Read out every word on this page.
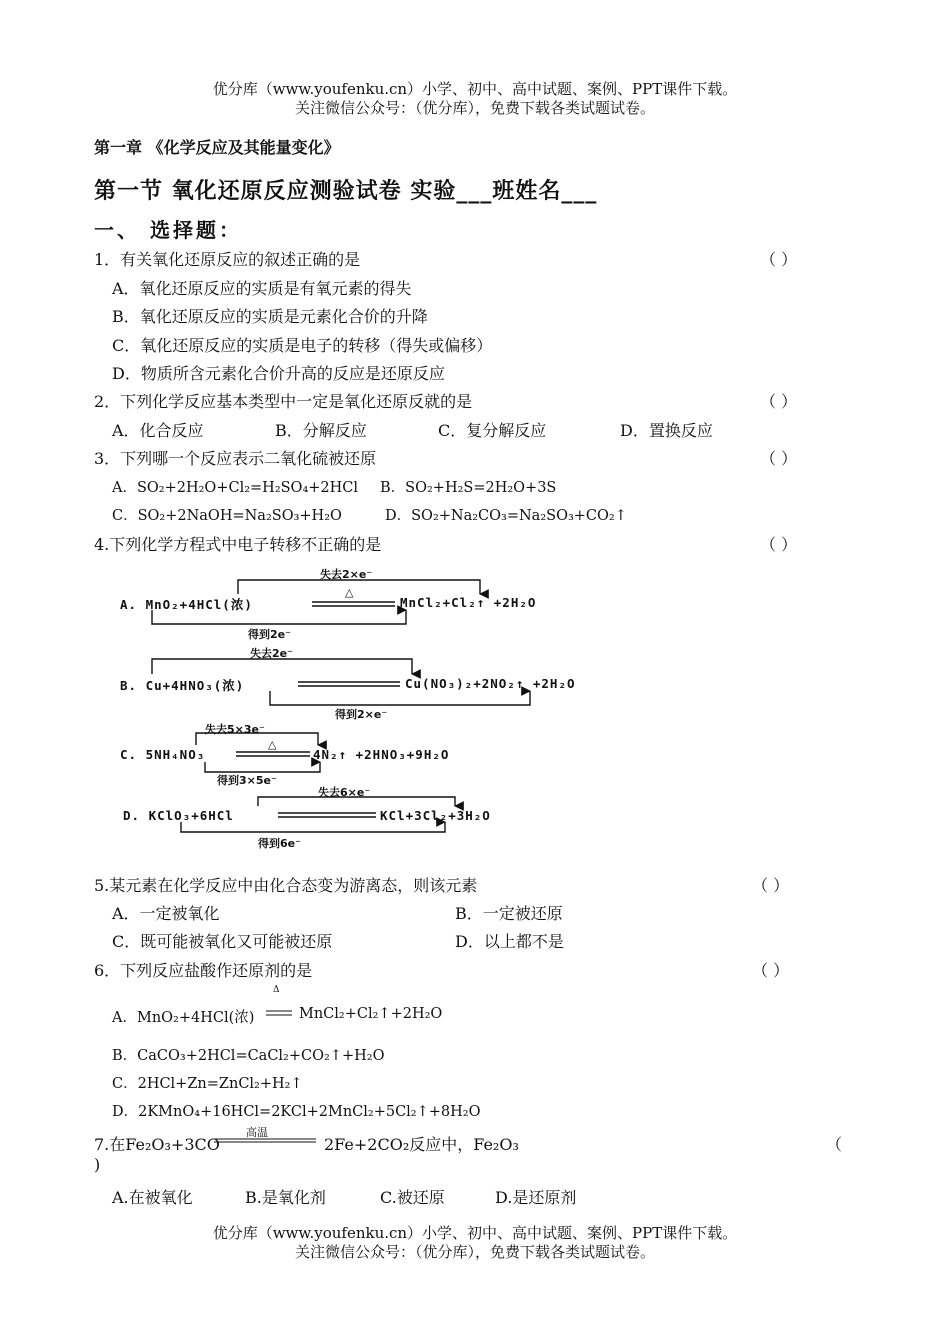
优分库（www.youfenku.cn）小学、初中、高中试题、案例、PPT课件下载。
关注微信公众号：（优分库），免费下载各类试题试卷。
第一章 《化学反应及其能量变化》
第一节 氧化还原反应测验试卷 实验___班姓名___
一、 选择题：
1．有关氧化还原反应的叙述正确的是	（ ）
A．氧化还原反应的实质是有氧元素的得失
B．氧化还原反应的实质是元素化合价的升降
C．氧化还原反应的实质是电子的转移（得失或偏移）
D．物质所含元素化合价升高的反应是还原反应
2．下列化学反应基本类型中一定是氧化还原反就的是	（ ）
A．化合反应	B．分解反应	C．复分解反应	D．置换反应
3．下列哪一个反应表示二氧化硫被还原	（ ）
A．SO₂+2H₂O+Cl₂=H₂SO₄+2HCl B．SO₂+H₂S=2H₂O+3S
C．SO₂+2NaOH=Na₂SO₃+H₂O	D．SO₂+Na₂CO₃=Na₂SO₃+CO₂↑
4.下列化学方程式中电子转移不正确的是	（ ）
失去2×e⁻
△
A. MnO₂+4HCl(浓)	MnCl₂+Cl₂↑ +2H₂O
得到2e⁻
失去2e⁻
B. Cu+4HNO₃(浓)	Cu(NO₃)₂+2NO₂↑ +2H₂O
得到2×e⁻
失去5×3e⁻
△
C. 5NH₄NO₃	4N₂↑ +2HNO₃+9H₂O
得到3×5e⁻
失去6×e⁻
D. KClO₃+6HCl	KCl+3Cl₂+3H₂O
得到6e⁻
5.某元素在化学反应中由化合态变为游离态，则该元素	（ ）
A．一定被氧化	B．一定被还原
C．既可能被氧化又可能被还原	D．以上都不是
6．下列反应盐酸作还原剂的是	（ ）
Δ
A．MnO₂+4HCl(浓)	MnCl₂+Cl₂↑+2H₂O
B．CaCO₃+2HCl=CaCl₂+CO₂↑+H₂O
C．2HCl+Zn=ZnCl₂+H₂↑
D．2KMnO₄+16HCl=2KCl+2MnCl₂+5Cl₂↑+8H₂O
7.在Fe₂O₃+3CO
高温
2Fe+2CO₂反应中，Fe₂O₃	（
)
A.在被氧化	B.是氧化剂	C.被还原	D.是还原剂
优分库（www.youfenku.cn）小学、初中、高中试题、案例、PPT课件下载。
关注微信公众号：（优分库），免费下载各类试题试卷。
